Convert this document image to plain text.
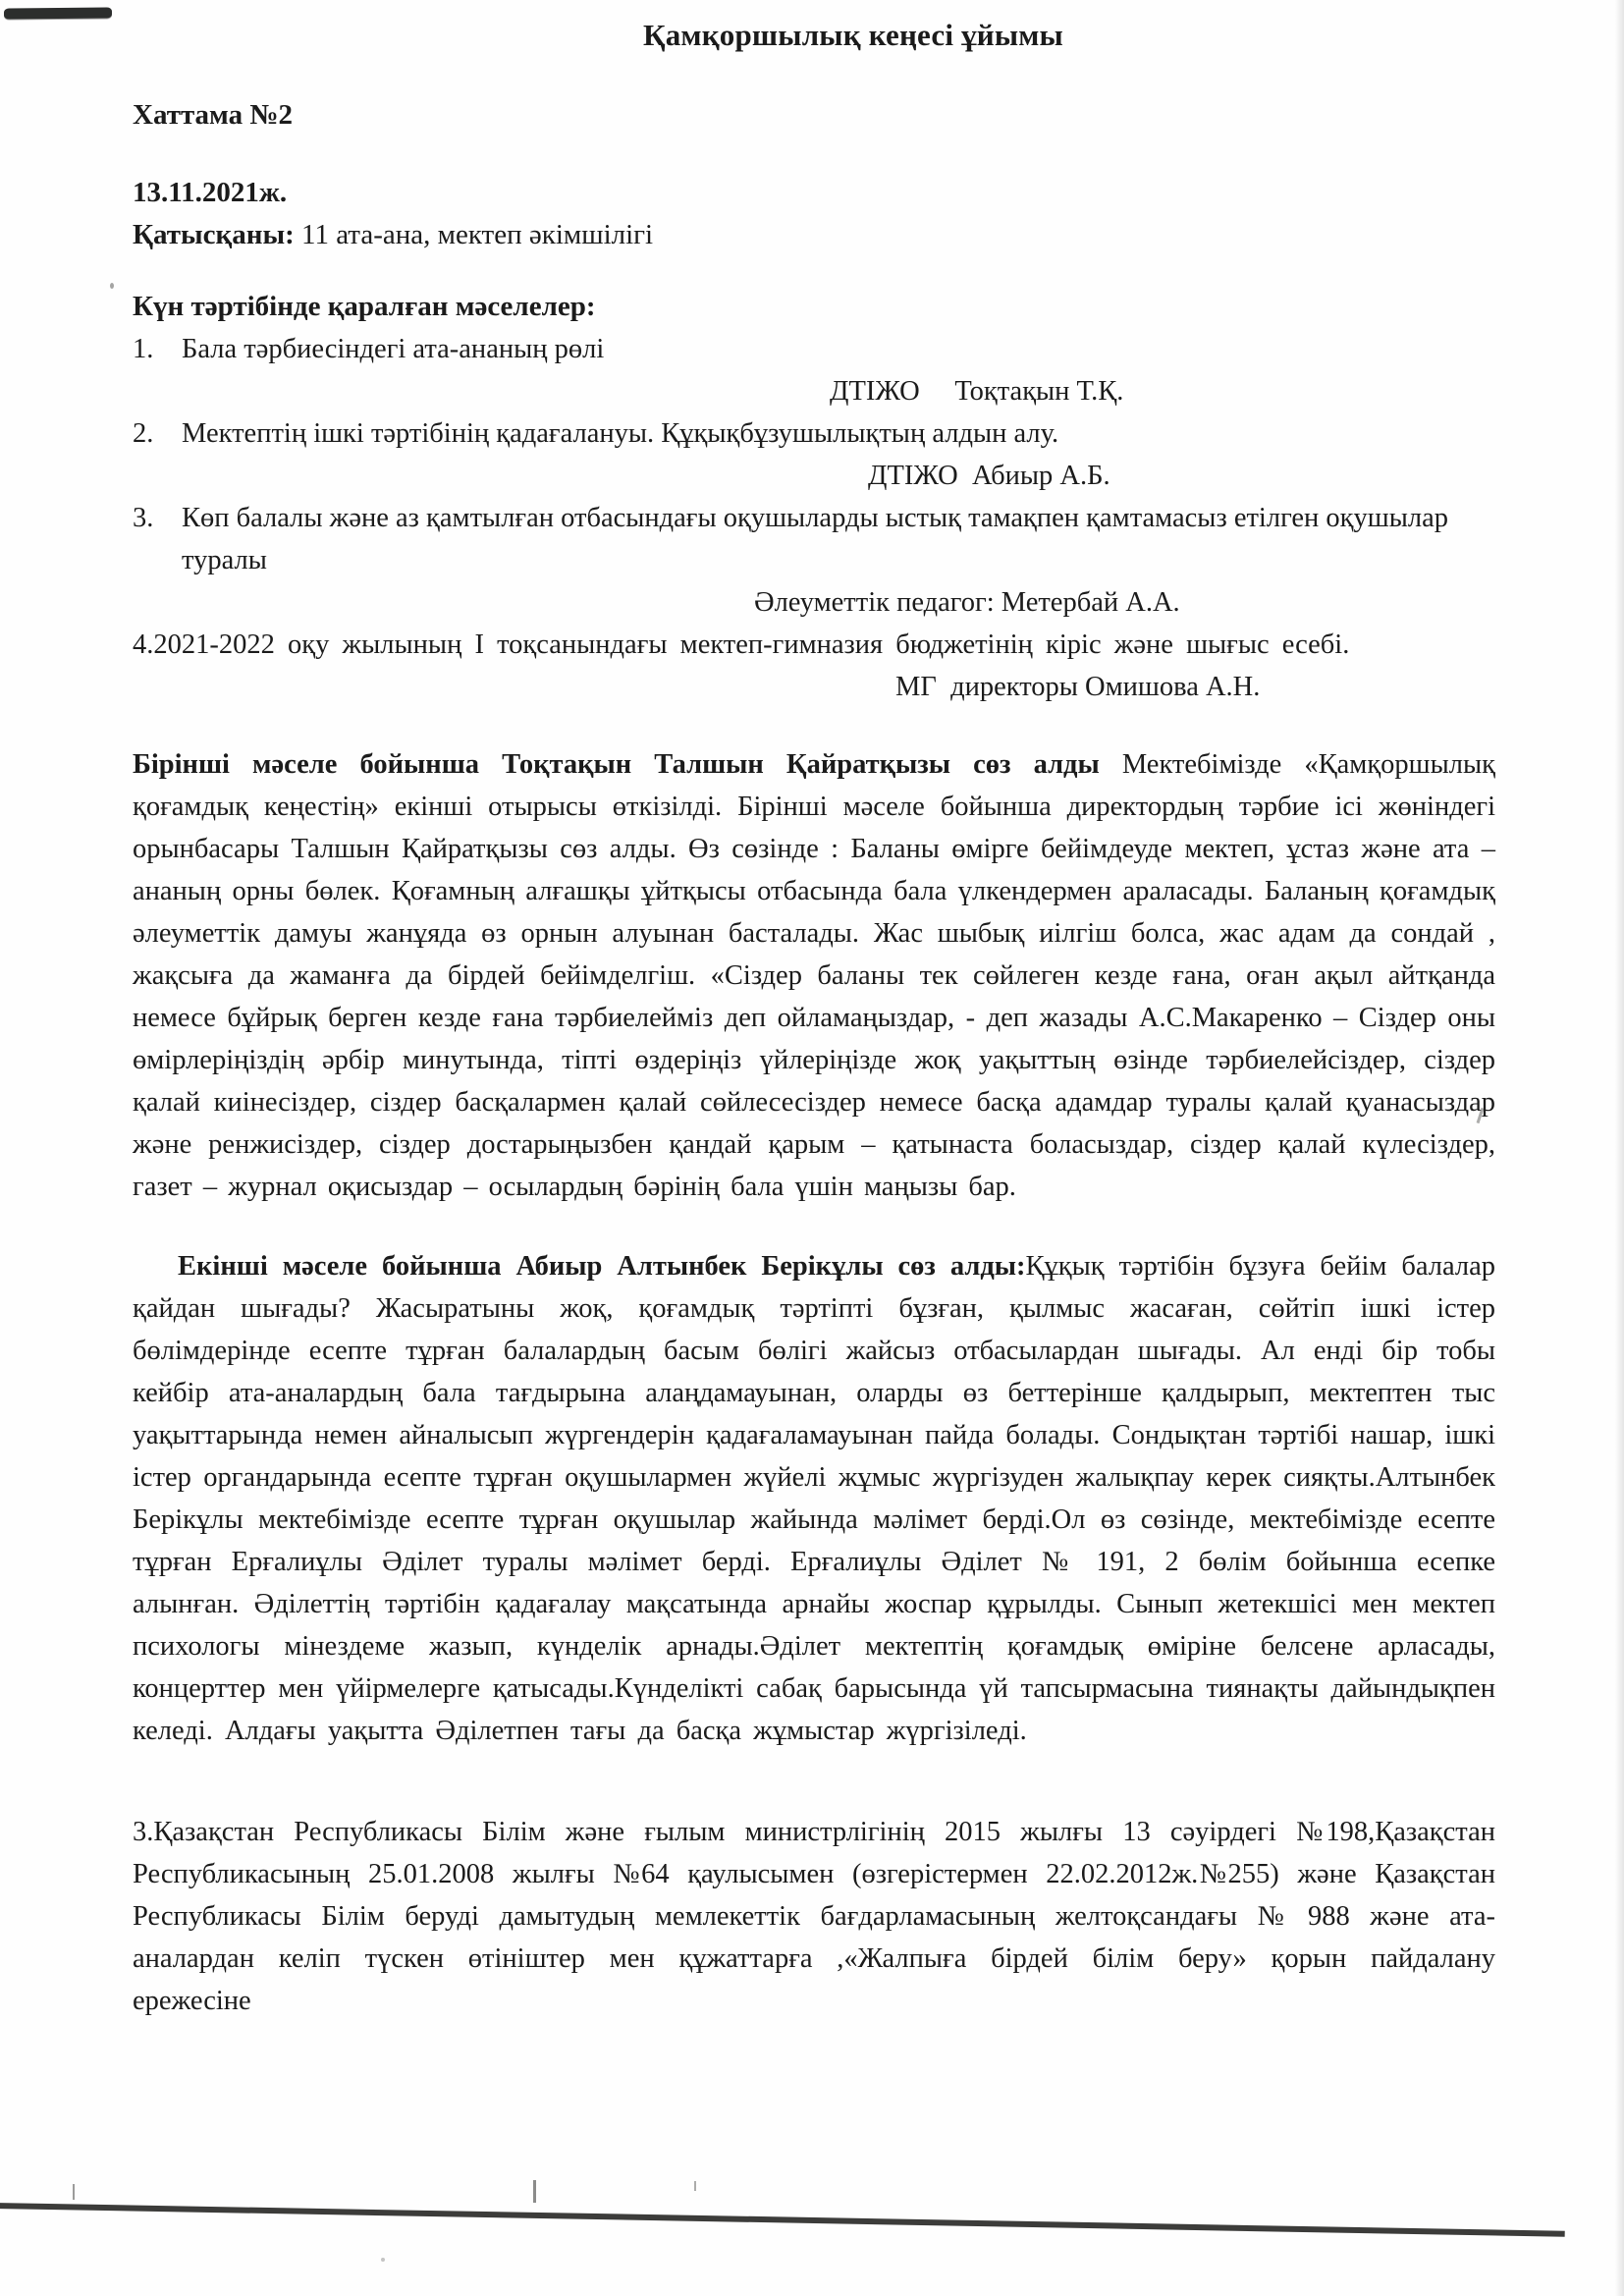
Қамқоршылық кеңесі ұйымы
Хаттама №2
13.11.2021ж.
Қатысқаны: 11 ата-ана, мектеп әкімшілігі
Күн тәртібінде қаралған мәселелер:
1.	Бала тәрбиесіндегі ата-ананың рөлі
ДТІЖО     Тоқтақын Т.Қ.
2.	Мектептің ішкі тәртібінің қадағалануы. Құқықбұзушылықтың алдын алу.
ДТІЖО  Абиыр А.Б.
3.	Көп балалы және аз қамтылған отбасындағы оқушыларды ыстық тамақпен қамтамасыз етілген оқушылар туралы
Әлеуметтік педагог: Метербай А.А.
4.2021-2022 оқу жылының I тоқсанындағы мектеп-гимназия бюджетінің кіріс және шығыс есебі.
МГ  директоры Омишова А.Н.

Бірінші мәселе бойынша Тоқтақын Талшын Қайратқызы сөз алды Мектебімізде «Қамқоршылық қоғамдық кеңестің» екінші отырысы өткізілді. Бірінші мәселе бойынша директордың тәрбие ісі жөніндегі орынбасары Талшын Қайратқызы сөз алды. Өз сөзінде : Баланы өмірге бейімдеуде мектеп, ұстаз және ата – ананың орны бөлек. Қоғамның алғашқы ұйтқысы отбасында бала үлкендермен араласады. Баланың қоғамдық әлеуметтік дамуы жанұяда өз орнын алуынан басталады. Жас шыбық иілгіш болса, жас адам да сондай , жақсыға да жаманға да бірдей бейімделгіш. «Сіздер баланы тек сөйлеген кезде ғана, оған ақыл айтқанда немесе бұйрық берген кезде ғана тәрбиелейміз деп ойламаңыздар, - деп жазады А.С.Макаренко – Сіздер оны өмірлеріңіздің әрбір минутында, тіпті өздеріңіз үйлеріңізде жоқ уақыттың өзінде тәрбиелейсіздер, сіздер қалай киінесіздер, сіздер басқалармен қалай сөйлесесіздер немесе басқа адамдар туралы қалай қуанасыздар және ренжисіздер, сіздер достарыңызбен қандай қарым – қатынаста боласыздар, сіздер қалай күлесіздер, газет – журнал оқисыздар – осылардың бәрінің бала үшін маңызы бар.

Екінші мәселе бойынша Абиыр Алтынбек Берікұлы сөз алды:Құқық тәртібін бұзуға бейім балалар қайдан шығады? Жасыратыны жоқ, қоғамдық тәртіпті бұзған, қылмыс жасаған, сөйтіп ішкі істер бөлімдерінде есепте тұрған балалардың басым бөлігі жайсыз отбасылардан шығады. Ал енді бір тобы кейбір ата-аналардың бала тағдырына алаңдамауынан, оларды өз беттерінше қалдырып, мектептен тыс уақыттарында немен айналысып жүргендерін қадағаламауынан пайда болады. Сондықтан тәртібі нашар, ішкі істер органдарында есепте тұрған оқушылармен жүйелі жұмыс жүргізуден жалықпау керек сияқты.Алтынбек Берікұлы мектебімізде есепте тұрған оқушылар жайында мәлімет берді.Ол өз сөзінде, мектебімізде есепте тұрған Ерғалиұлы Әділет туралы мәлімет берді. Ерғалиұлы Әділет № 191, 2 бөлім бойынша есепке алынған. Әділеттің тәртібін қадағалау мақсатында арнайы жоспар құрылды. Сынып жетекшісі мен мектеп психологы мінездеме жазып, күнделік арнады.Әділет мектептің қоғамдық өміріне белсене арласады, концерттер мен үйірмелерге қатысады.Күнделікті сабақ барысында үй тапсырмасына тиянақты дайындықпен келеді. Алдағы уақытта Әділетпен тағы да басқа жұмыстар жүргізіледі.

3.Қазақстан Республикасы Білім және ғылым министрлігінің 2015 жылғы 13 сәуірдегі №198,Қазақстан Республикасының 25.01.2008 жылғы №64 қаулысымен (өзгерістермен 22.02.2012ж.№255) және Қазақстан Республикасы Білім беруді дамытудың мемлекеттік бағдарламасының желтоқсандағы № 988 және ата-аналардан келіп түскен өтініштер мен құжаттарға ,«Жалпыға бірдей білім беру» қорын пайдалану ережесіне
